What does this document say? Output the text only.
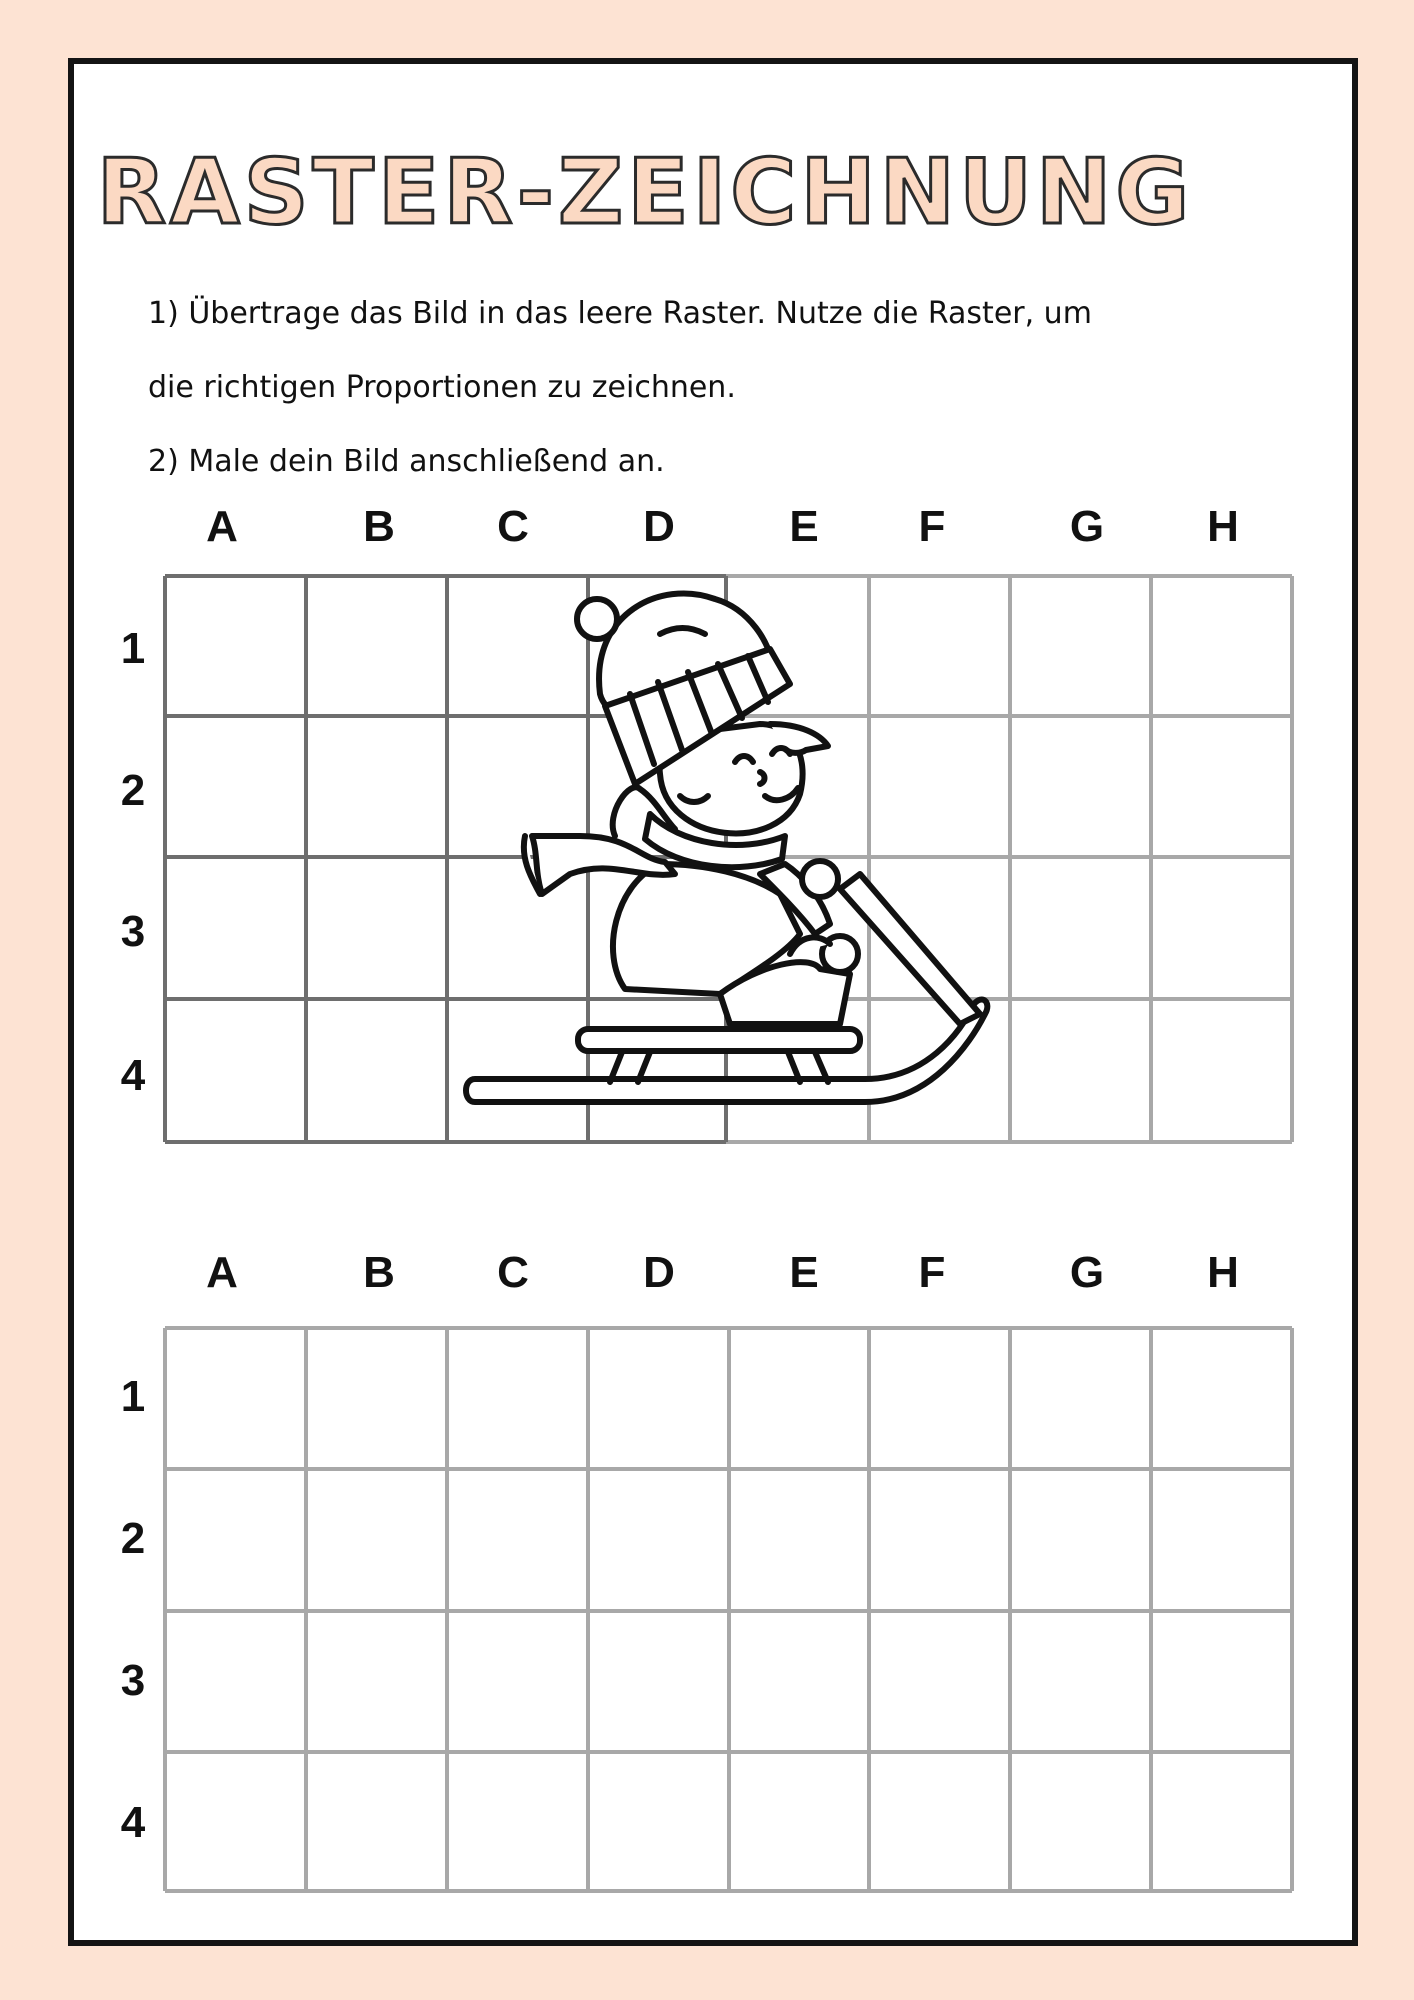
RASTER-ZEICHNUNG
1) Übertrage das Bild in das leere Raster. Nutze die Raster, um
die richtigen Proportionen zu zeichnen.
2) Male dein Bild anschließend an.
A	B	C	D	E	F	G	H
1
2
3
4
A	B	C	D	E	F	G	H
1
2
3
4
